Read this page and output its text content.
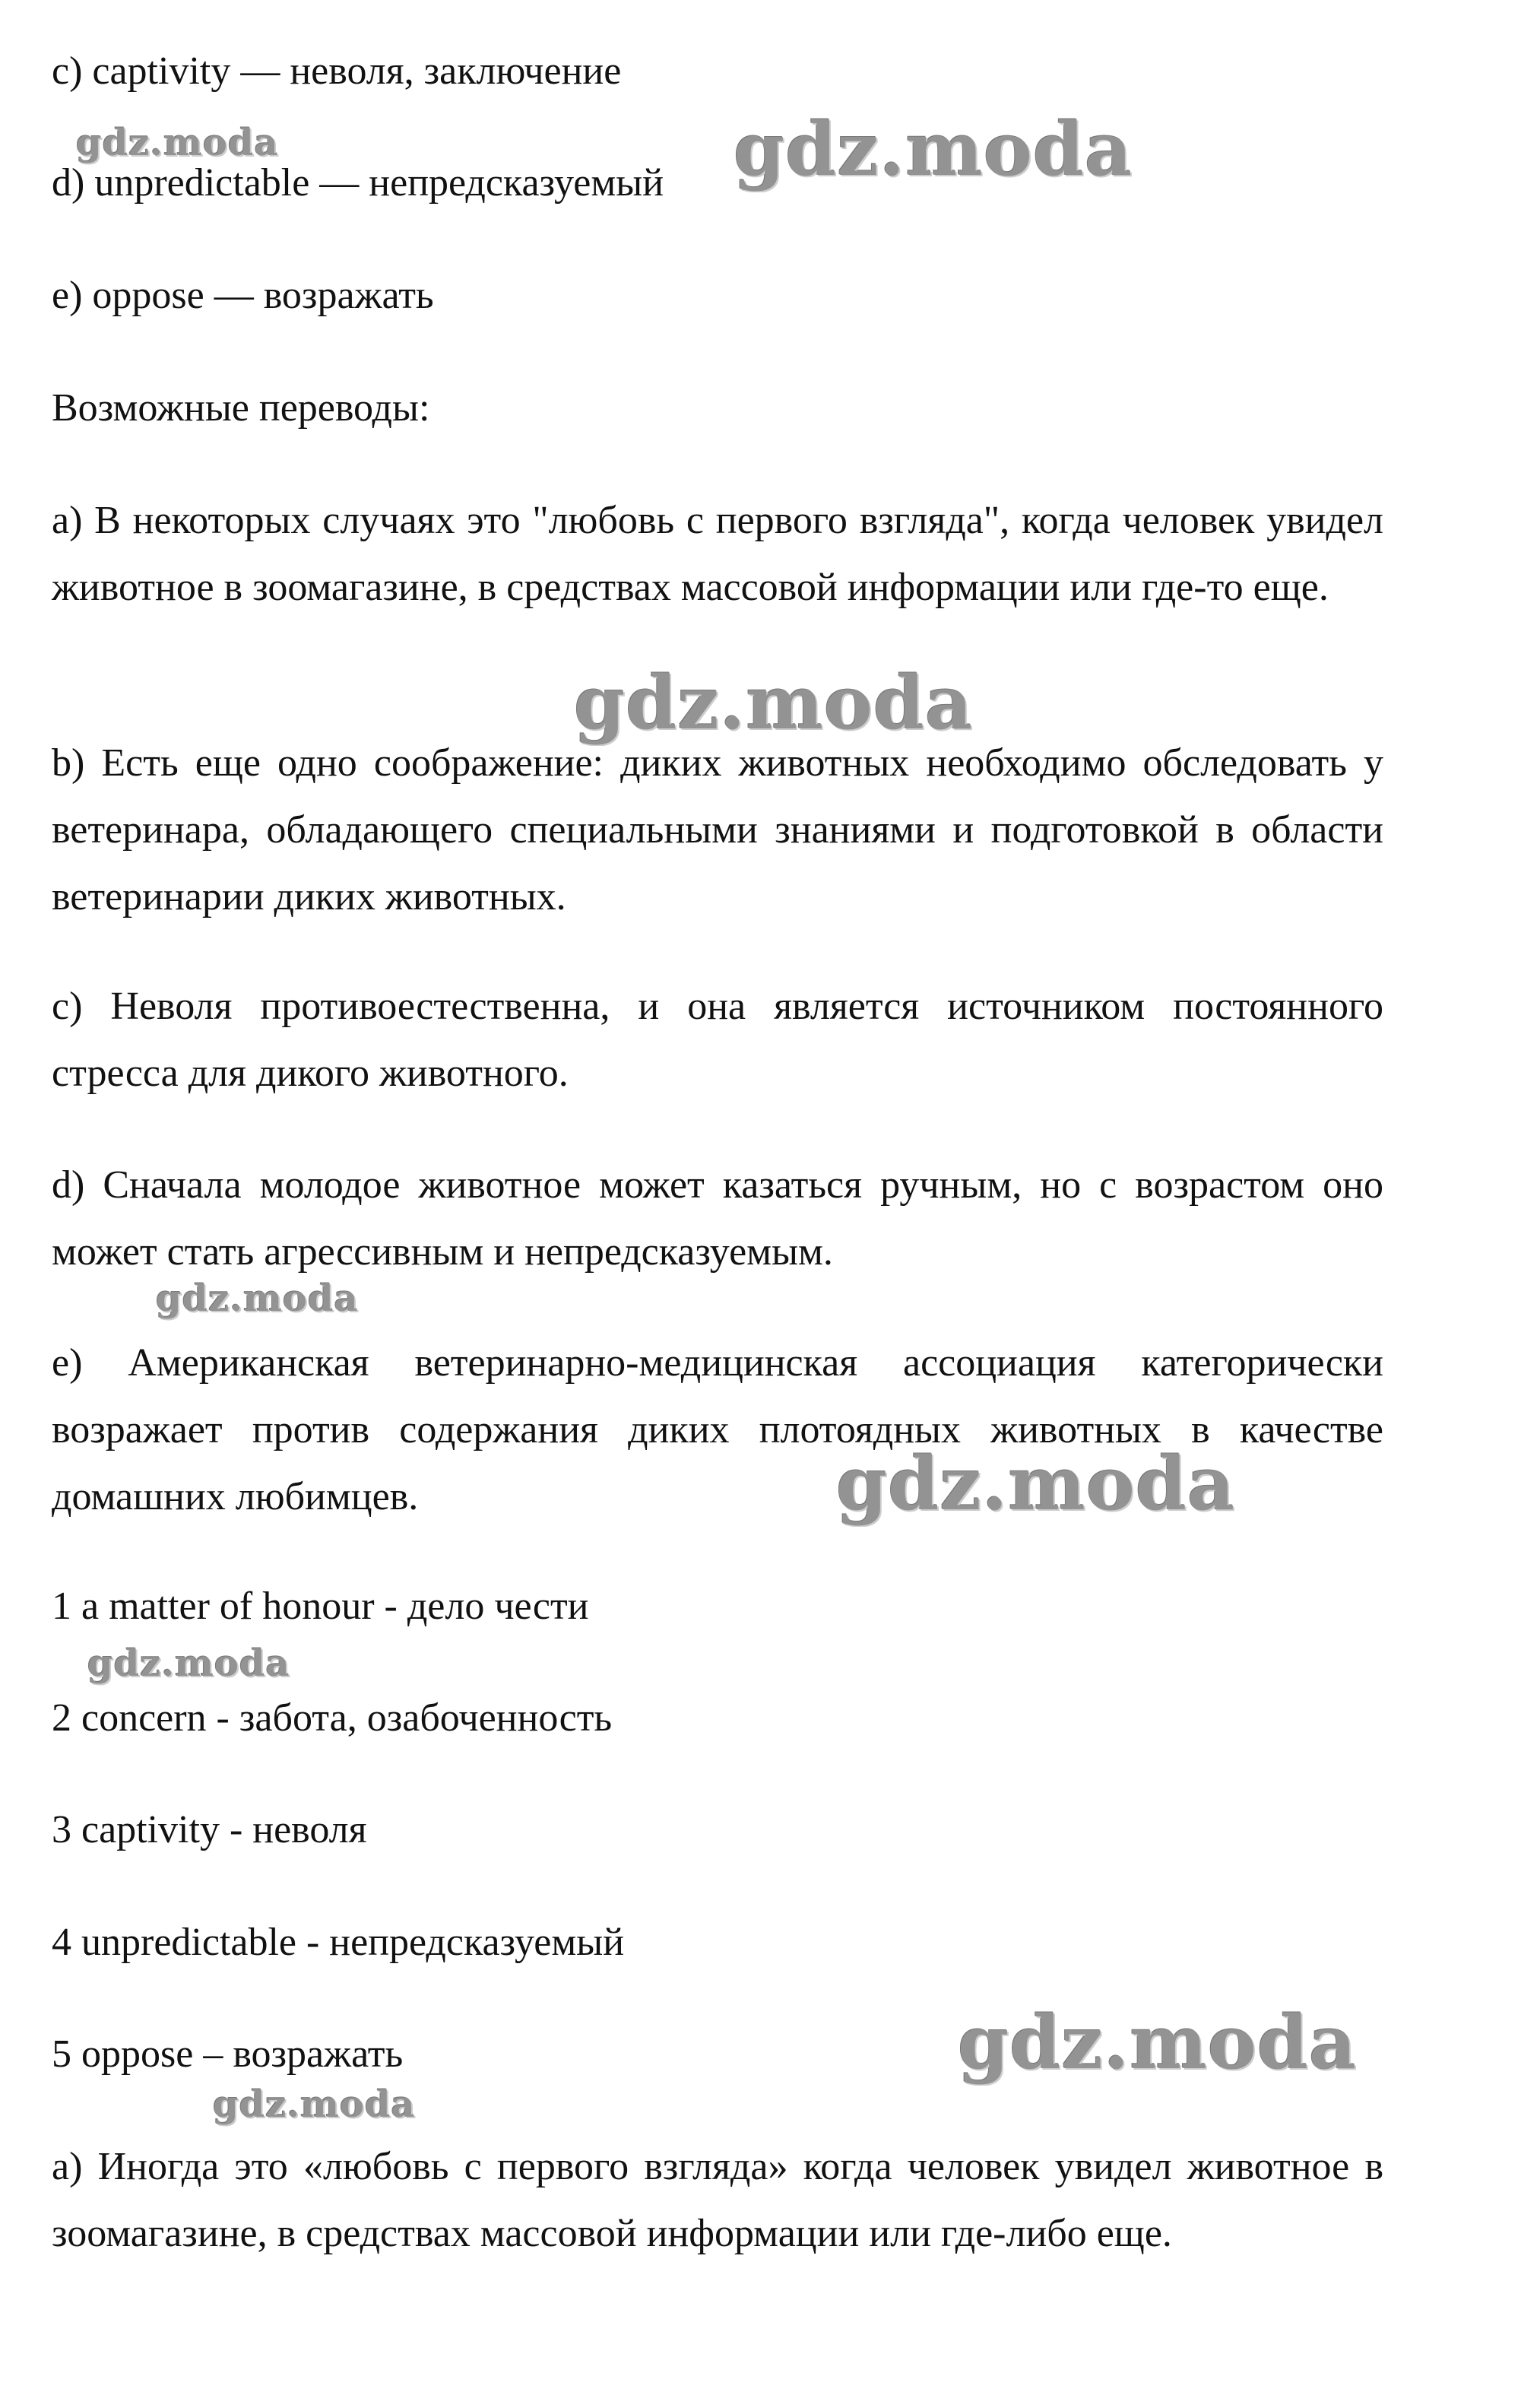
c) captivity — неволя, заключение
d) unpredictable — непредсказуемый
e) oppose — возражать
Возможные переводы:
a) В некоторых случаях это "любовь с первого взгляда", когда человек увидел животное в зоомагазине, в средствах массовой информации или где-то еще.
b) Есть еще одно соображение: диких животных необходимо обследовать у ветеринара, обладающего специальными знаниями и подготовкой в области ветеринарии диких животных.
c) Неволя противоестественна, и она является источником постоянного стресса для дикого животного.
d) Сначала молодое животное может казаться ручным, но с возрастом оно может стать агрессивным и непредсказуемым.
e) Американская ветеринарно-медицинская ассоциация категорически возражает против содержания диких плотоядных животных в качестве домашних любимцев.
1 a matter of honour - дело чести
2 concern - забота, озабоченность
3 captivity - неволя
4 unpredictable - непредсказуемый
5 oppose – возражать
a) Иногда это «любовь с первого взгляда» когда человек увидел животное в зоомагазине, в средствах массовой информации или где-либо еще.
gdz.moda	gdz.moda
gdz.moda
gdz.moda
gdz.moda
gdz.moda
gdz.moda
gdz.moda
